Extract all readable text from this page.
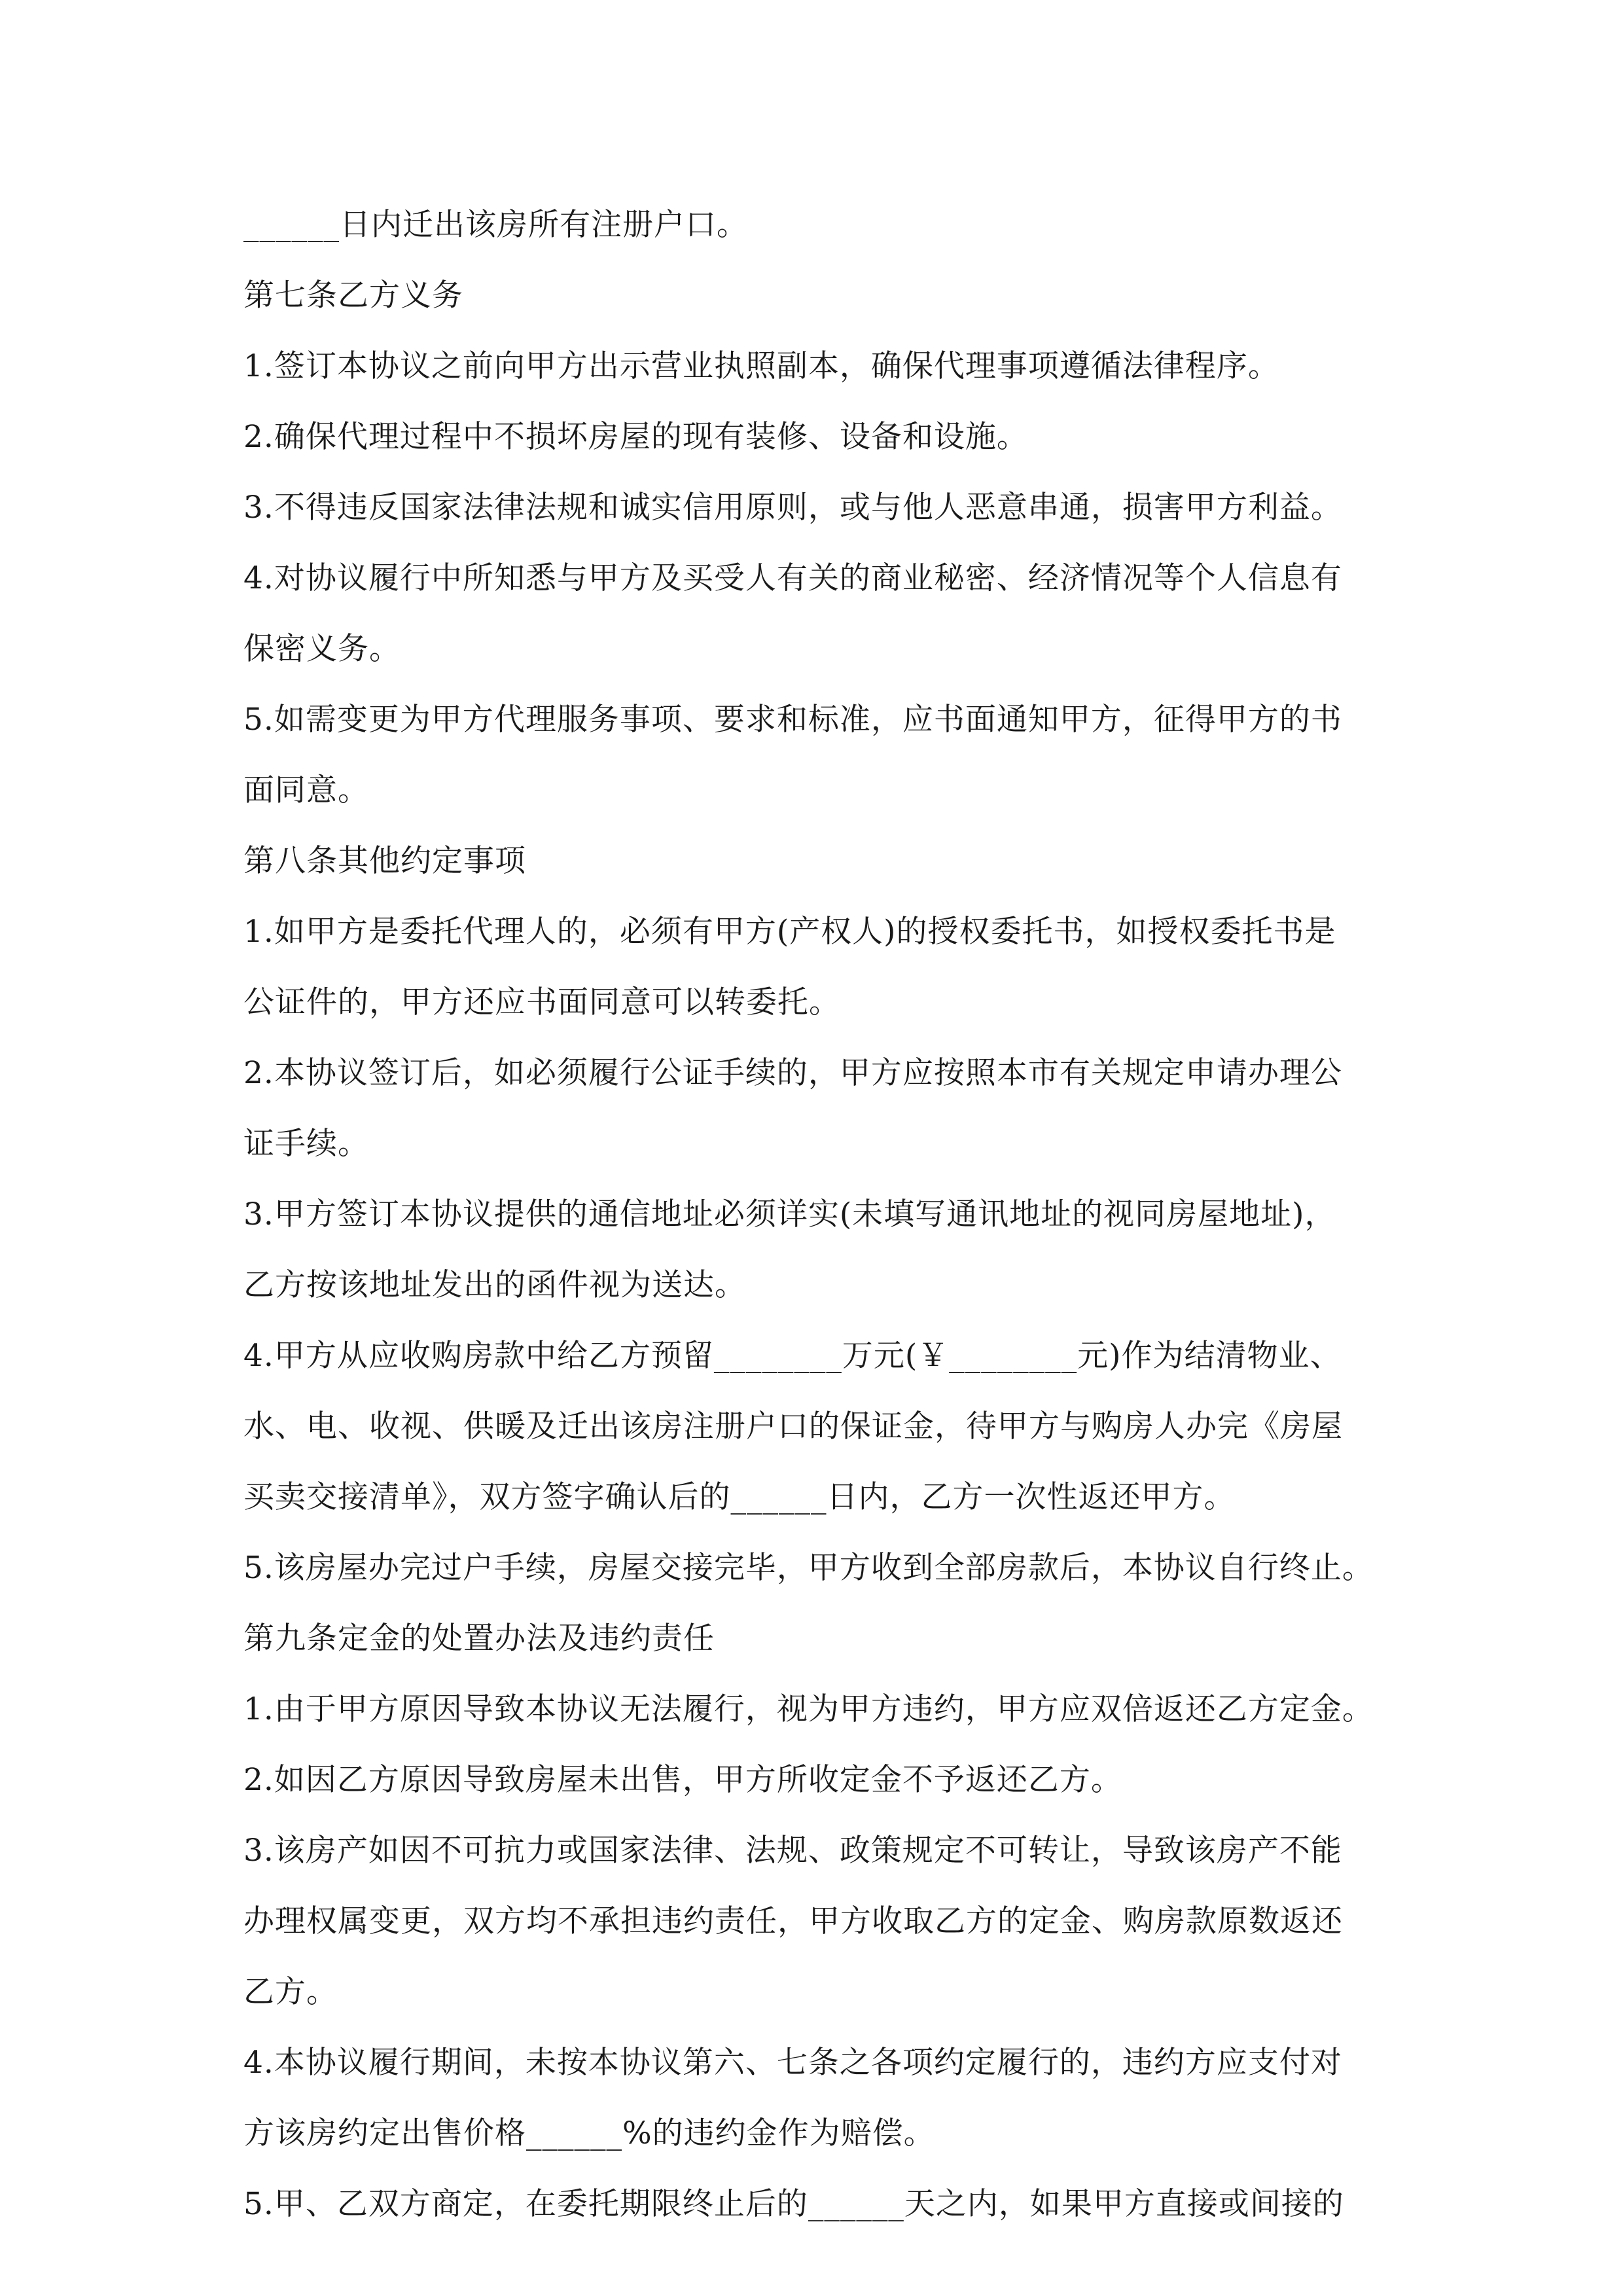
______日内迁出该房所有注册户口。
第七条乙方义务
1.签订本协议之前向甲方出示营业执照副本，确保代理事项遵循法律程序。
2.确保代理过程中不损坏房屋的现有装修、设备和设施。
3.不得违反国家法律法规和诚实信用原则，或与他人恶意串通，损害甲方利益。
4.对协议履行中所知悉与甲方及买受人有关的商业秘密、经济情况等个人信息有
保密义务。
5.如需变更为甲方代理服务事项、要求和标准，应书面通知甲方，征得甲方的书
面同意。
第八条其他约定事项
1.如甲方是委托代理人的，必须有甲方(产权人)的授权委托书，如授权委托书是
公证件的，甲方还应书面同意可以转委托。
2.本协议签订后，如必须履行公证手续的，甲方应按照本市有关规定申请办理公
证手续。
3.甲方签订本协议提供的通信地址必须详实(未填写通讯地址的视同房屋地址)，
乙方按该地址发出的函件视为送达。
4.甲方从应收购房款中给乙方预留________万元(￥________元)作为结清物业、
水、电、收视、供暖及迁出该房注册户口的保证金，待甲方与购房人办完《房屋
买卖交接清单》，双方签字确认后的______日内，乙方一次性返还甲方。
5.该房屋办完过户手续，房屋交接完毕，甲方收到全部房款后，本协议自行终止。
第九条定金的处置办法及违约责任
1.由于甲方原因导致本协议无法履行，视为甲方违约，甲方应双倍返还乙方定金。
2.如因乙方原因导致房屋未出售，甲方所收定金不予返还乙方。
3.该房产如因不可抗力或国家法律、法规、政策规定不可转让，导致该房产不能
办理权属变更，双方均不承担违约责任，甲方收取乙方的定金、购房款原数返还
乙方。
4.本协议履行期间，未按本协议第六、七条之各项约定履行的，违约方应支付对
方该房约定出售价格______%的违约金作为赔偿。
5.甲、乙双方商定，在委托期限终止后的______天之内，如果甲方直接或间接的
